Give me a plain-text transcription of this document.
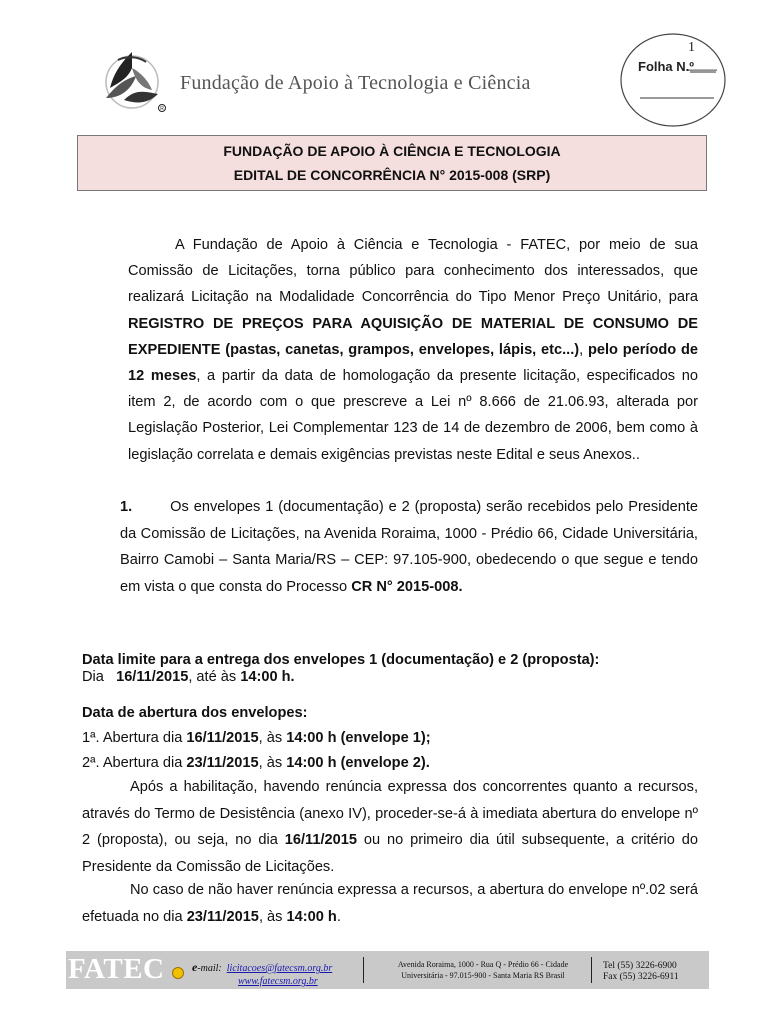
R
Fundação de Apoio à Tecnologia e Ciência
1
Folha N.º
____
FUNDAÇÃO DE APOIO À CIÊNCIA E TECNOLOGIA
EDITAL DE CONCORRÊNCIA N° 2015-008 (SRP)

A Fundação de Apoio à Ciência e Tecnologia - FATEC, por meio de sua Comissão de Licitações, torna público para conhecimento dos interessados, que realizará Licitação na Modalidade Concorrência do Tipo Menor Preço Unitário, para REGISTRO DE PREÇOS PARA AQUISIÇÃO DE MATERIAL DE CONSUMO DE EXPEDIENTE (pastas, canetas, grampos, envelopes, lápis, etc...), pelo período de 12 meses, a partir da data de homologação da presente licitação, especificados no item 2, de acordo com o que prescreve a Lei nº 8.666 de 21.06.93, alterada por Legislação Posterior, Lei Complementar 123 de 14 de dezembro de 2006, bem como à legislação correlata e demais exigências previstas neste Edital e seus Anexos..

1.	Os envelopes 1 (documentação) e 2 (proposta) serão recebidos pelo Presidente da Comissão de Licitações, na Avenida Roraima, 1000 - Prédio 66, Cidade Universitária, Bairro Camobi – Santa Maria/RS – CEP: 97.105-900, obedecendo o que segue e tendo em vista o que consta do Processo CR N° 2015-008.

Data limite para a entrega dos envelopes 1 (documentação) e 2 (proposta):
Dia 16/11/2015, até às 14:00 h.
Data de abertura dos envelopes:
1ª. Abertura dia 16/11/2015, às 14:00 h (envelope 1);
2ª. Abertura dia 23/11/2015, às 14:00 h (envelope 2).

Após a habilitação, havendo renúncia expressa dos concorrentes quanto a recursos, através do Termo de Desistência (anexo IV), proceder-se-á à imediata abertura do envelope nº 2 (proposta), ou seja, no dia 16/11/2015 ou no primeiro dia útil subsequente, a critério do Presidente da Comissão de Licitações.

No caso de não haver renúncia expressa a recursos, a abertura do envelope nº.02 será efetuada no dia 23/11/2015, às 14:00 h.

FATEC e-mail: licitacoes@fatecsm.org.br
www.fatecsm.org.br
Avenida Roraima, 1000 - Rua Q - Prédio 66 - Cidade
Universitária - 97.015-900 - Santa Maria RS Brasil
Tel (55) 3226-6900
Fax (55) 3226-6911
